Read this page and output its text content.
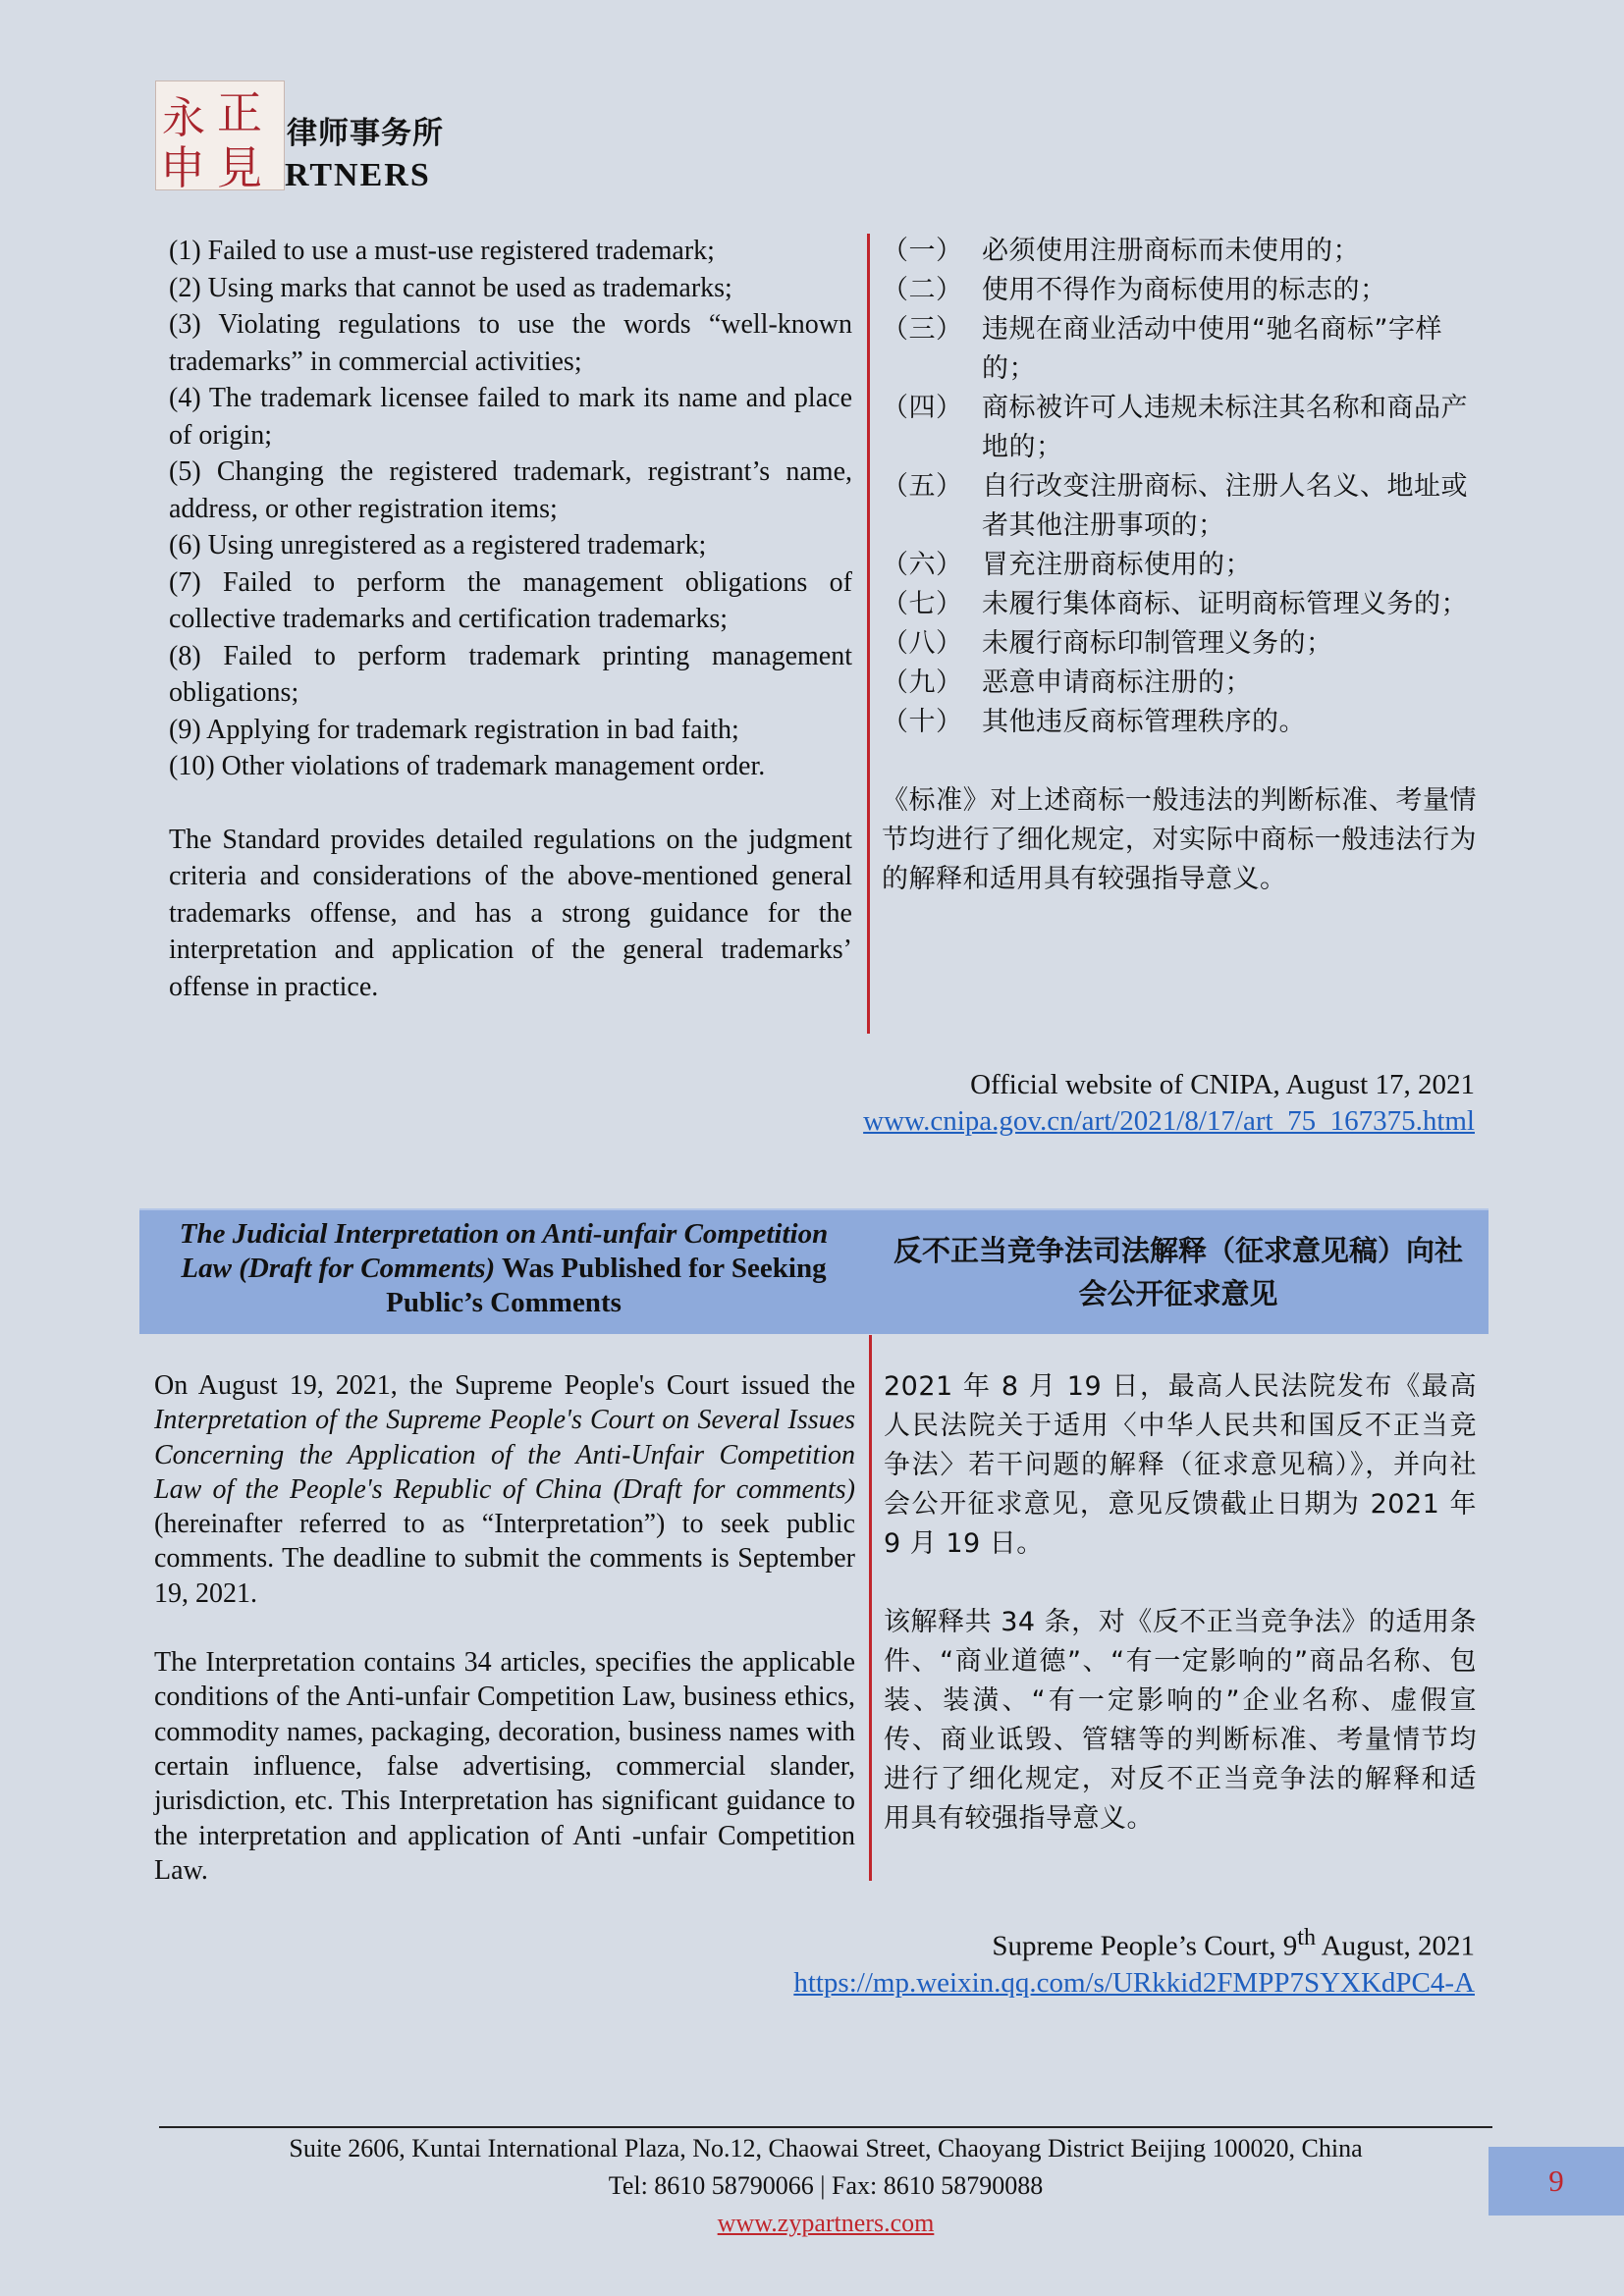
永 正
申 見
律师事务所
RTNERS

(1) Failed to use a must-use registered trademark;

(2) Using marks that cannot be used as trademarks;

(3) Violating regulations to use the words “well-known trademarks” in commercial activities;

(4) The trademark licensee failed to mark its name and place of origin;

(5) Changing the registered trademark, registrant’s name, address, or other registration items;

(6) Using unregistered as a registered trademark;

(7) Failed to perform the management obligations of collective trademarks and certification trademarks;

(8) Failed to perform trademark printing management obligations;

(9) Applying for trademark registration in bad faith;

(10) Other violations of trademark management order.

The Standard provides detailed regulations on the judgment criteria and considerations of the above-mentioned general trademarks offense, and has a strong guidance for the interpretation and application of the general trademarks’ offense in practice.

（一） 必须使用注册商标而未使用的；
（二） 使用不得作为商标使用的标志的；
（三） 违规在商业活动中使用“驰名商标”字样的；
（四） 商标被许可人违规未标注其名称和商品产地的；
（五） 自行改变注册商标、注册人名义、地址或者其他注册事项的；
（六） 冒充注册商标使用的；
（七） 未履行集体商标、证明商标管理义务的；
（八） 未履行商标印制管理义务的；
（九） 恶意申请商标注册的；
（十） 其他违反商标管理秩序的。

《标准》对上述商标一般违法的判断标准、考量情节均进行了细化规定，对实际中商标一般违法行为的解释和适用具有较强指导意义。

Official website of CNIPA, August 17, 2021
www.cnipa.gov.cn/art/2021/8/17/art_75_167375.html
The Judicial Interpretation on Anti-unfair Competition Law (Draft for Comments) Was Published for Seeking Public’s Comments
反不正当竞争法司法解释（征求意见稿）向社会公开征求意见

On August 19, 2021, the Supreme People's Court issued the Interpretation of the Supreme People's Court on Several Issues Concerning the Application of the Anti-Unfair Competition Law of the People's Republic of China (Draft for comments) (hereinafter referred to as “Interpretation”) to seek public comments. The deadline to submit the comments is September 19, 2021.

The Interpretation contains 34 articles, specifies the applicable conditions of the Anti-unfair Competition Law, business ethics, commodity names, packaging, decoration, business names with certain influence, false advertising, commercial slander, jurisdiction, etc. This Interpretation has significant guidance to the interpretation and application of Anti -unfair Competition Law.

2021 年 8 月 19 日，最高人民法院发布《最高人民法院关于适用〈中华人民共和国反不正当竞争法〉若干问题的解释（征求意见稿）》，并向社会公开征求意见，意见反馈截止日期为 2021 年 9 月 19 日。

该解释共 34 条，对《反不正当竞争法》的适用条件、“商业道德”、“有一定影响的”商品名称、包装、装潢、“有一定影响的”企业名称、虚假宣传、商业诋毁、管辖等的判断标准、考量情节均进行了细化规定，对反不正当竞争法的解释和适用具有较强指导意义。

Supreme People’s Court, 9th August, 2021
https://mp.weixin.qq.com/s/URkkid2FMPP7SYXKdPC4-A
Suite 2606, Kuntai International Plaza, No.12, Chaowai Street, Chaoyang District Beijing 100020, China
Tel: 8610 58790066 | Fax: 8610 58790088
www.zypartners.com
9
